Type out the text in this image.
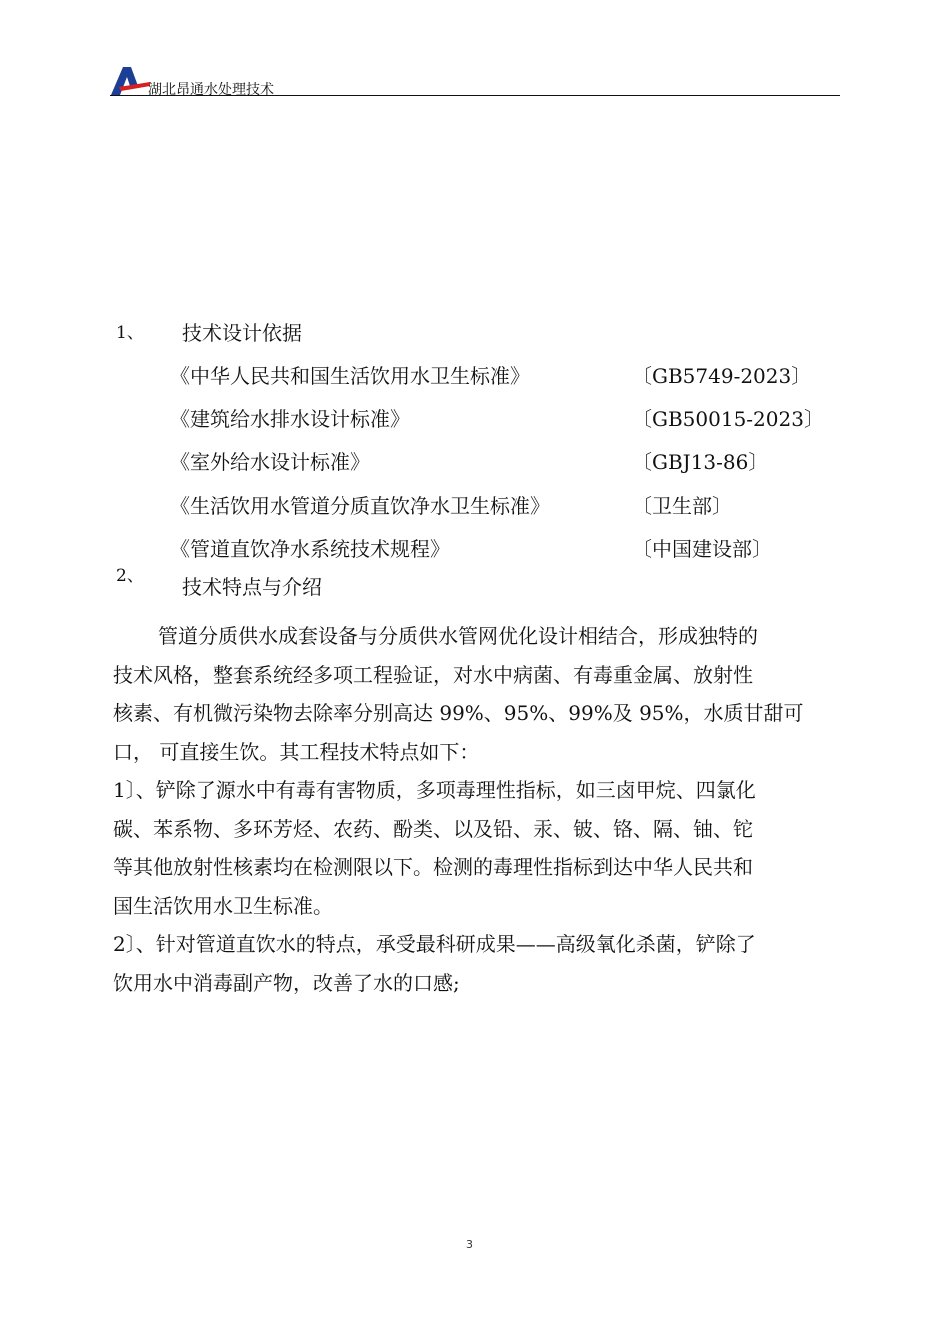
湖北昂通水处理技术
1、 技术设计依据
《中华人民共和国生活饮用水卫生标准》	〔GB5749-2023〕
《建筑给水排水设计标准》	〔GB50015-2023〕
《室外给水设计标准》	〔GBJ13-86〕
《生活饮用水管道分质直饮净水卫生标准》	〔卫生部〕
《管道直饮净水系统技术规程》	〔中国建设部〕
2、 技术特点与介绍

管道分质供水成套设备与分质供水管网优化设计相结合，形成独特的

技术风格，整套系统经多项工程验证，对水中病菌、有毒重金属、放射性

核素、有机微污染物去除率分别高达 99%、95%、99%及 95%，水质甘甜可

口， 可直接生饮。其工程技术特点如下：

1〕、铲除了源水中有毒有害物质，多项毒理性指标，如三卤甲烷、四氯化

碳、苯系物、多环芳烃、农药、酚类、以及铅、汞、铍、铬、隔、铀、铊

等其他放射性核素均在检测限以下。检测的毒理性指标到达中华人民共和

国生活饮用水卫生标准。

2〕、针对管道直饮水的特点，承受最科研成果——高级氧化杀菌，铲除了

饮用水中消毒副产物，改善了水的口感;

3
